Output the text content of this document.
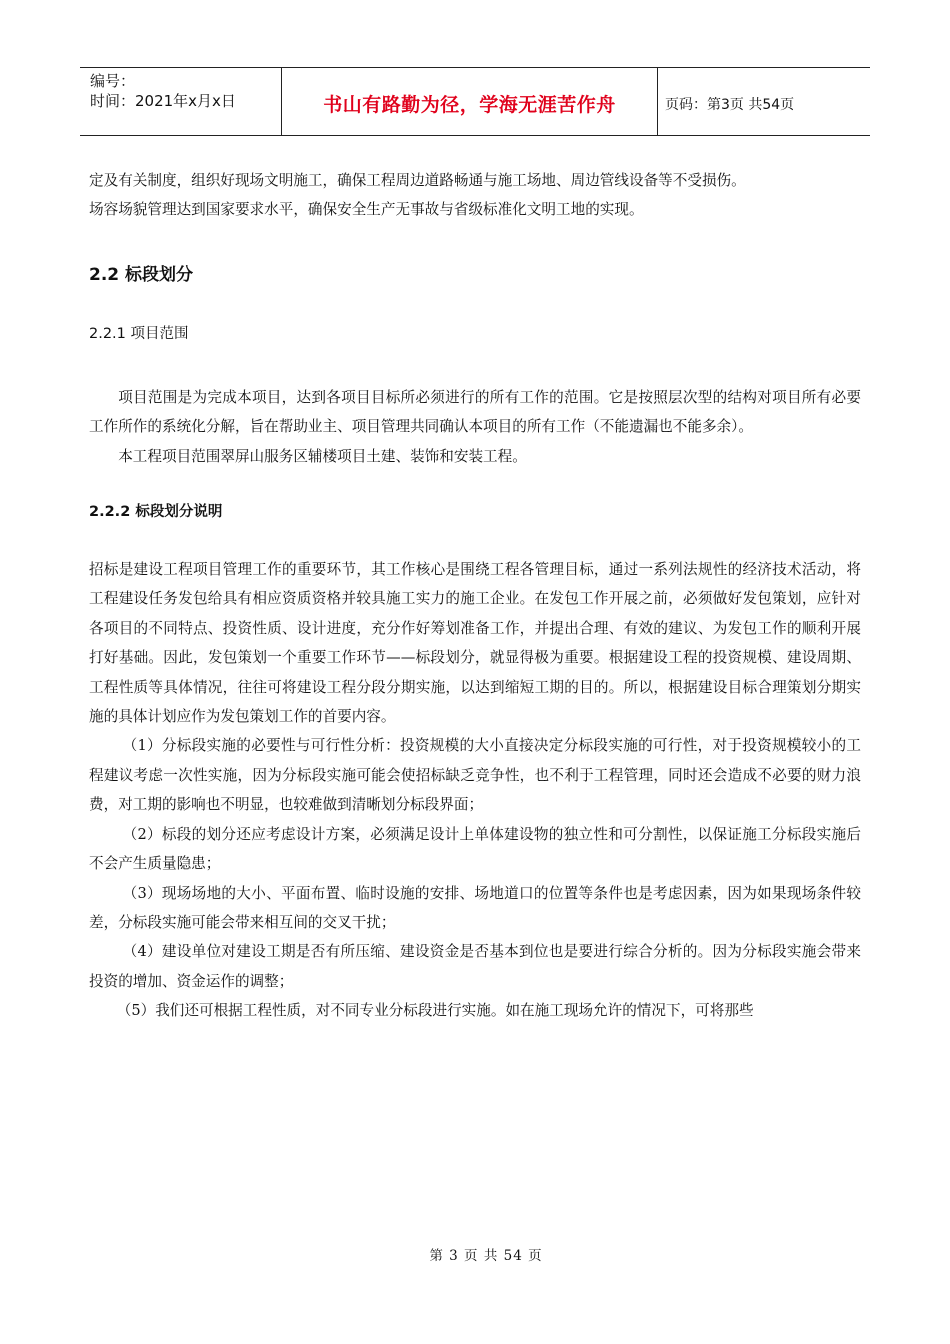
编号：
时间：2021年x月x日	书山有路勤为径，学海无涯苦作舟	页码：第3页 共54页

定及有关制度，组织好现场文明施工，确保工程周边道路畅通与施工场地、周边管线设备等不受损伤。

场容场貌管理达到国家要求水平，确保安全生产无事故与省级标准化文明工地的实现。

2.2 标段划分

2.2.1 项目范围

项目范围是为完成本项目，达到各项目目标所必须进行的所有工作的范围。它是按照层次型的结构对项目所有必要工作所作的系统化分解，旨在帮助业主、项目管理共同确认本项目的所有工作（不能遗漏也不能多余）。

本工程项目范围翠屏山服务区辅楼项目土建、装饰和安装工程。

2.2.2 标段划分说明

招标是建设工程项目管理工作的重要环节，其工作核心是围绕工程各管理目标，通过一系列法规性的经济技术活动，将工程建设任务发包给具有相应资质资格并较具施工实力的施工企业。在发包工作开展之前，必须做好发包策划，应针对各项目的不同特点、投资性质、设计进度，充分作好筹划准备工作，并提出合理、有效的建议、为发包工作的顺利开展打好基础。因此，发包策划一个重要工作环节——标段划分，就显得极为重要。根据建设工程的投资规模、建设周期、工程性质等具体情况，往往可将建设工程分段分期实施，以达到缩短工期的目的。所以，根据建设目标合理策划分期实施的具体计划应作为发包策划工作的首要内容。

（1）分标段实施的必要性与可行性分析：投资规模的大小直接决定分标段实施的可行性，对于投资规模较小的工程建议考虑一次性实施，因为分标段实施可能会使招标缺乏竞争性，也不利于工程管理，同时还会造成不必要的财力浪费，对工期的影响也不明显，也较难做到清晰划分标段界面；

（2）标段的划分还应考虑设计方案，必须满足设计上单体建设物的独立性和可分割性，以保证施工分标段实施后不会产生质量隐患；

（3）现场场地的大小、平面布置、临时设施的安排、场地道口的位置等条件也是考虑因素，因为如果现场条件较差，分标段实施可能会带来相互间的交叉干扰；

（4）建设单位对建设工期是否有所压缩、建设资金是否基本到位也是要进行综合分析的。因为分标段实施会带来投资的增加、资金运作的调整；

（5）我们还可根据工程性质，对不同专业分标段进行实施。如在施工现场允许的情况下，可将那些

第 3 页 共 54 页
